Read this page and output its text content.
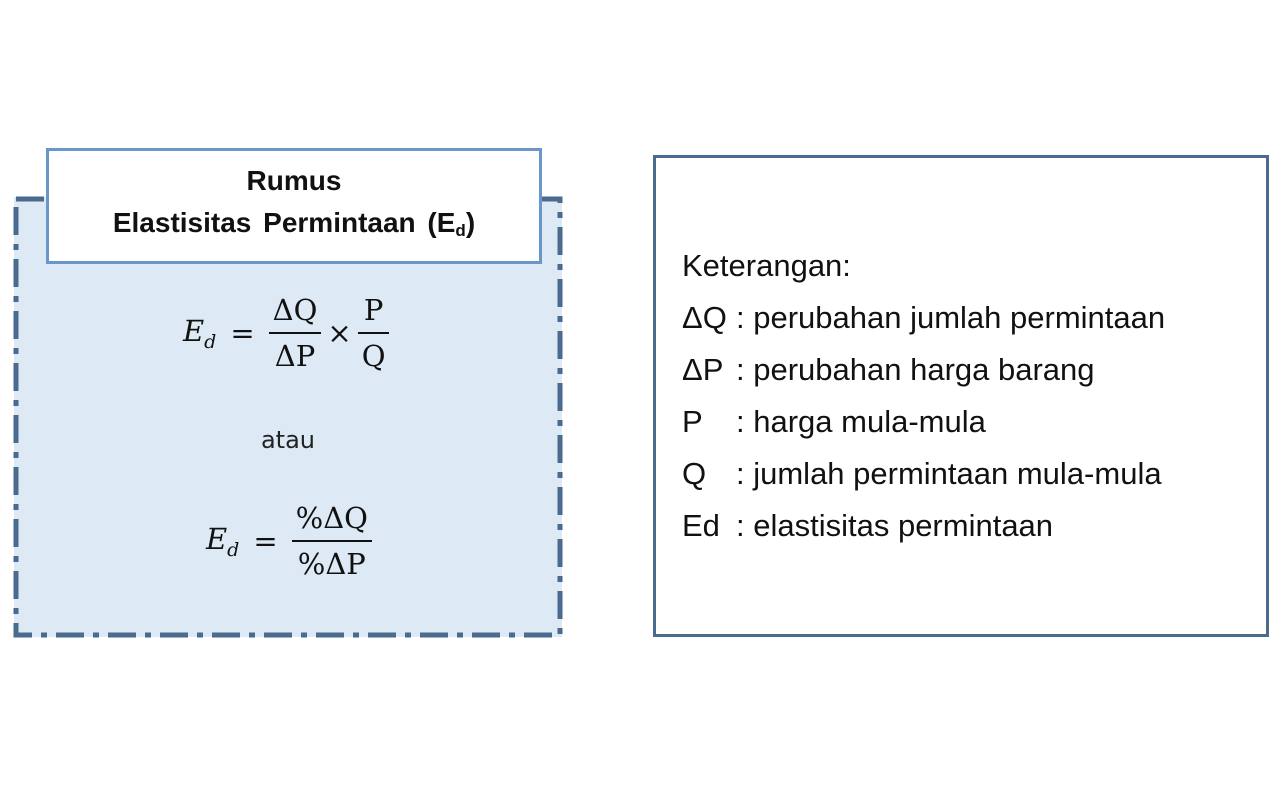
Rumus
Elastisitas Permintaan $(E_d)$
$E_d = \frac{\Delta Q}{\Delta P} \times \frac{P}{Q}$
atau
$E_d = \frac{\%\Delta Q}{\%\Delta P}$
Keterangan:
ΔQ : perubahan jumlah permintaan
ΔP : perubahan harga barang
P	: harga mula-mula
Q : jumlah permintaan mula-mula
Ed : elastisitas permintaan
